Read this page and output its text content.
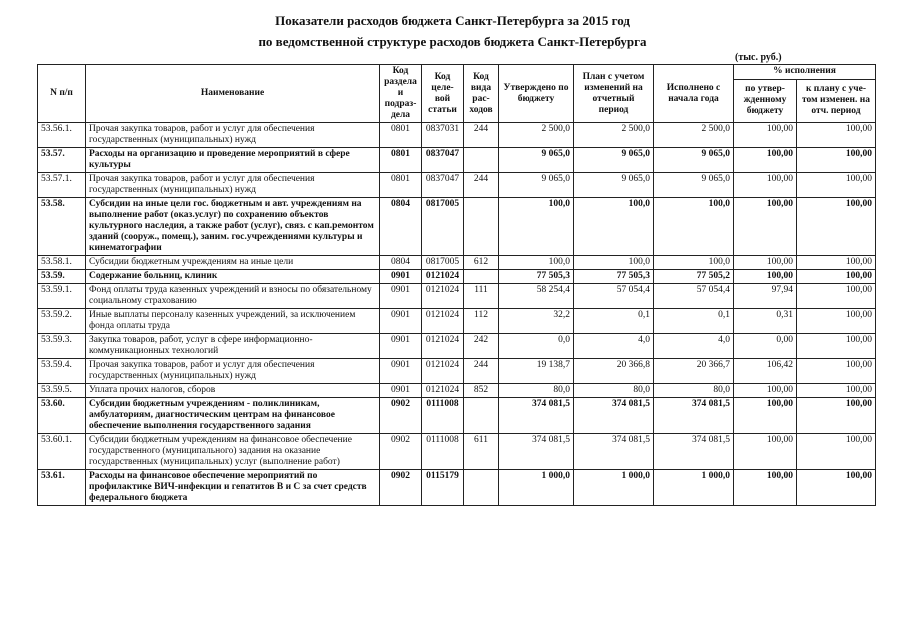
Показатели расходов бюджета Санкт-Петербурга за 2015 год
по ведомственной структуре расходов бюджета Санкт-Петербурга
(тыс. руб.)
N п/п	Наименование	Код раздела и подраз-дела	Код целе-вой статьи	Код вида рас-ходов	Утверждено по бюджету	План с учетом изменений на отчетный период	Исполнено с начала года	% исполнения	
								по утвер-жденному бюджету	к плану с уче-том изменен. на отч. период
53.56.1.	Прочая закупка товаров, работ и услуг для обеспечения государственных (муниципальных) нужд	0801	0837031	244	2 500,0	2 500,0	2 500,0	100,00	100,00
53.57.	Расходы на организацию и проведение мероприятий в сфере культуры	0801	0837047		9 065,0	9 065,0	9 065,0	100,00	100,00
53.57.1.	Прочая закупка товаров, работ и услуг для обеспечения государственных (муниципальных) нужд	0801	0837047	244	9 065,0	9 065,0	9 065,0	100,00	100,00
53.58.	Субсидии на иные цели гос. бюджетным и авт. учреждениям на выполнение работ (оказ.услуг) по сохранению объектов культурного наследия, а также работ (услуг), связ. с кап.ремонтом зданий (сооруж., помещ.), заним. гос.учреждениями культуры и кинематографии	0804	0817005		100,0	100,0	100,0	100,00	100,00
53.58.1.	Субсидии бюджетным учреждениям на иные цели	0804	0817005	612	100,0	100,0	100,0	100,00	100,00
53.59.	Содержание больниц, клиник	0901	0121024		77 505,3	77 505,3	77 505,2	100,00	100,00
53.59.1.	Фонд оплаты труда казенных учреждений и взносы по обязательному социальному страхованию	0901	0121024	111	58 254,4	57 054,4	57 054,4	97,94	100,00
53.59.2.	Иные выплаты персоналу казенных учреждений, за исключением фонда оплаты труда	0901	0121024	112	32,2	0,1	0,1	0,31	100,00
53.59.3.	Закупка товаров, работ, услуг в сфере информационно-коммуникационных технологий	0901	0121024	242	0,0	4,0	4,0	0,00	100,00
53.59.4.	Прочая закупка товаров, работ и услуг для обеспечения государственных (муниципальных) нужд	0901	0121024	244	19 138,7	20 366,8	20 366,7	106,42	100,00
53.59.5.	Уплата прочих налогов, сборов	0901	0121024	852	80,0	80,0	80,0	100,00	100,00
53.60.	Субсидии бюджетным учреждениям - поликлиникам, амбулаториям, диагностическим центрам на финансовое обеспечение выполнения государственного задания	0902	0111008		374 081,5	374 081,5	374 081,5	100,00	100,00
53.60.1.	Субсидии бюджетным учреждениям на финансовое обеспечение государственного (муниципального) задания на оказание государственных (муниципальных) услуг (выполнение работ)	0902	0111008	611	374 081,5	374 081,5	374 081,5	100,00	100,00
53.61.	Расходы на финансовое обеспечение мероприятий по профилактике ВИЧ-инфекции и гепатитов В и С за счет средств федерального бюджета	0902	0115179		1 000,0	1 000,0	1 000,0	100,00	100,00
